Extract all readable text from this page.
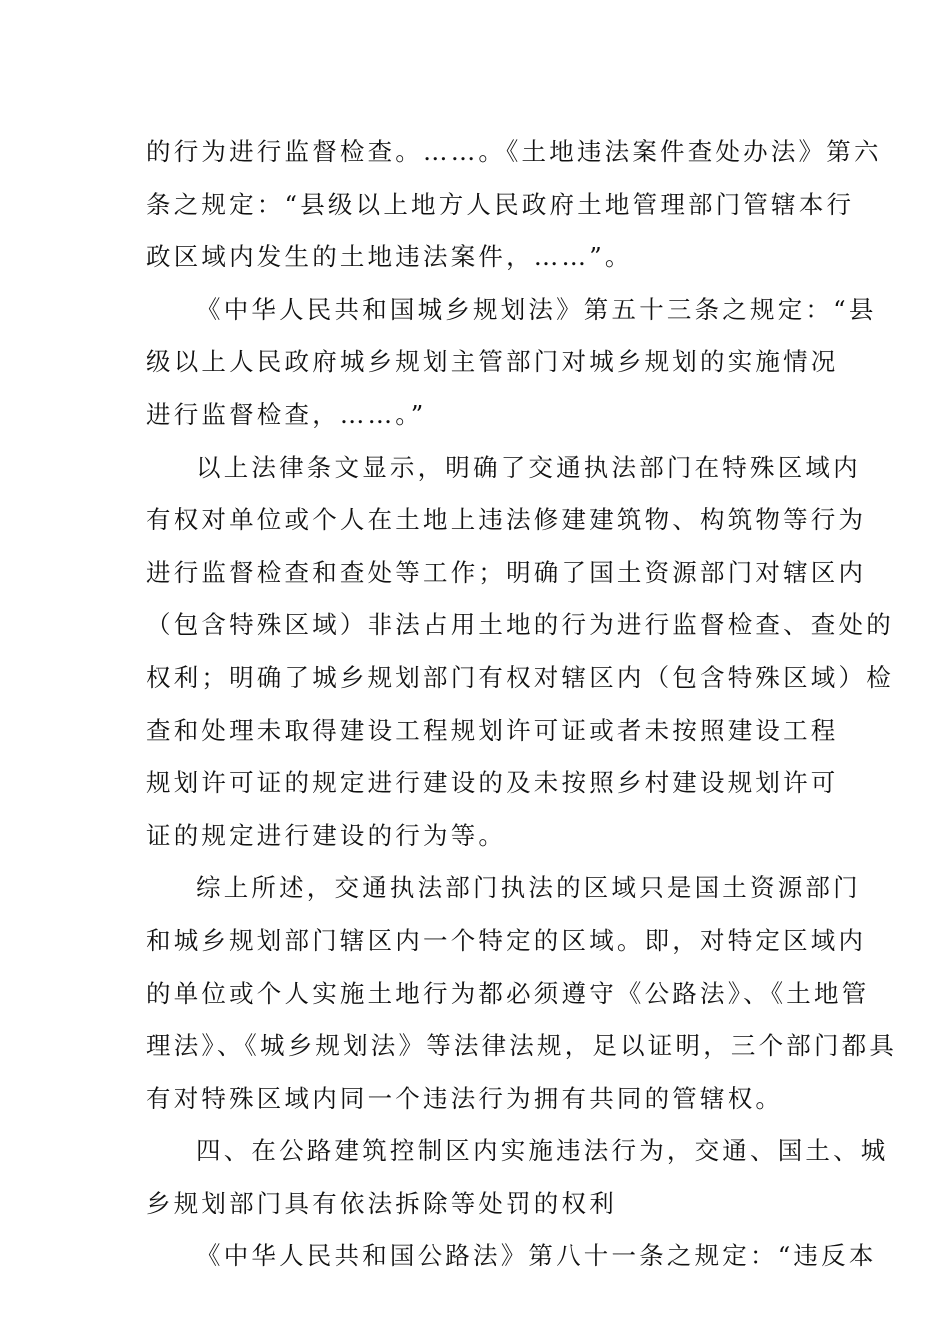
的行为进行监督检查。……。《土地违法案件查处办法》第六
条之规定：“县级以上地方人民政府土地管理部门管辖本行
政区域内发生的土地违法案件，……”。
《中华人民共和国城乡规划法》第五十三条之规定：“县
级以上人民政府城乡规划主管部门对城乡规划的实施情况
进行监督检查，……。”
以上法律条文显示，明确了交通执法部门在特殊区域内
有权对单位或个人在土地上违法修建建筑物、构筑物等行为
进行监督检查和查处等工作；明确了国土资源部门对辖区内
（包含特殊区域）非法占用土地的行为进行监督检查、查处的
权利；明确了城乡规划部门有权对辖区内（包含特殊区域）检
查和处理未取得建设工程规划许可证或者未按照建设工程
规划许可证的规定进行建设的及未按照乡村建设规划许可
证的规定进行建设的行为等。
综上所述，交通执法部门执法的区域只是国土资源部门
和城乡规划部门辖区内一个特定的区域。即，对特定区域内
的单位或个人实施土地行为都必须遵守《公路法》、《土地管
理法》、《城乡规划法》等法律法规，足以证明，三个部门都具
有对特殊区域内同一个违法行为拥有共同的管辖权。
四、在公路建筑控制区内实施违法行为，交通、国土、城
乡规划部门具有依法拆除等处罚的权利
《中华人民共和国公路法》第八十一条之规定：“违反本
